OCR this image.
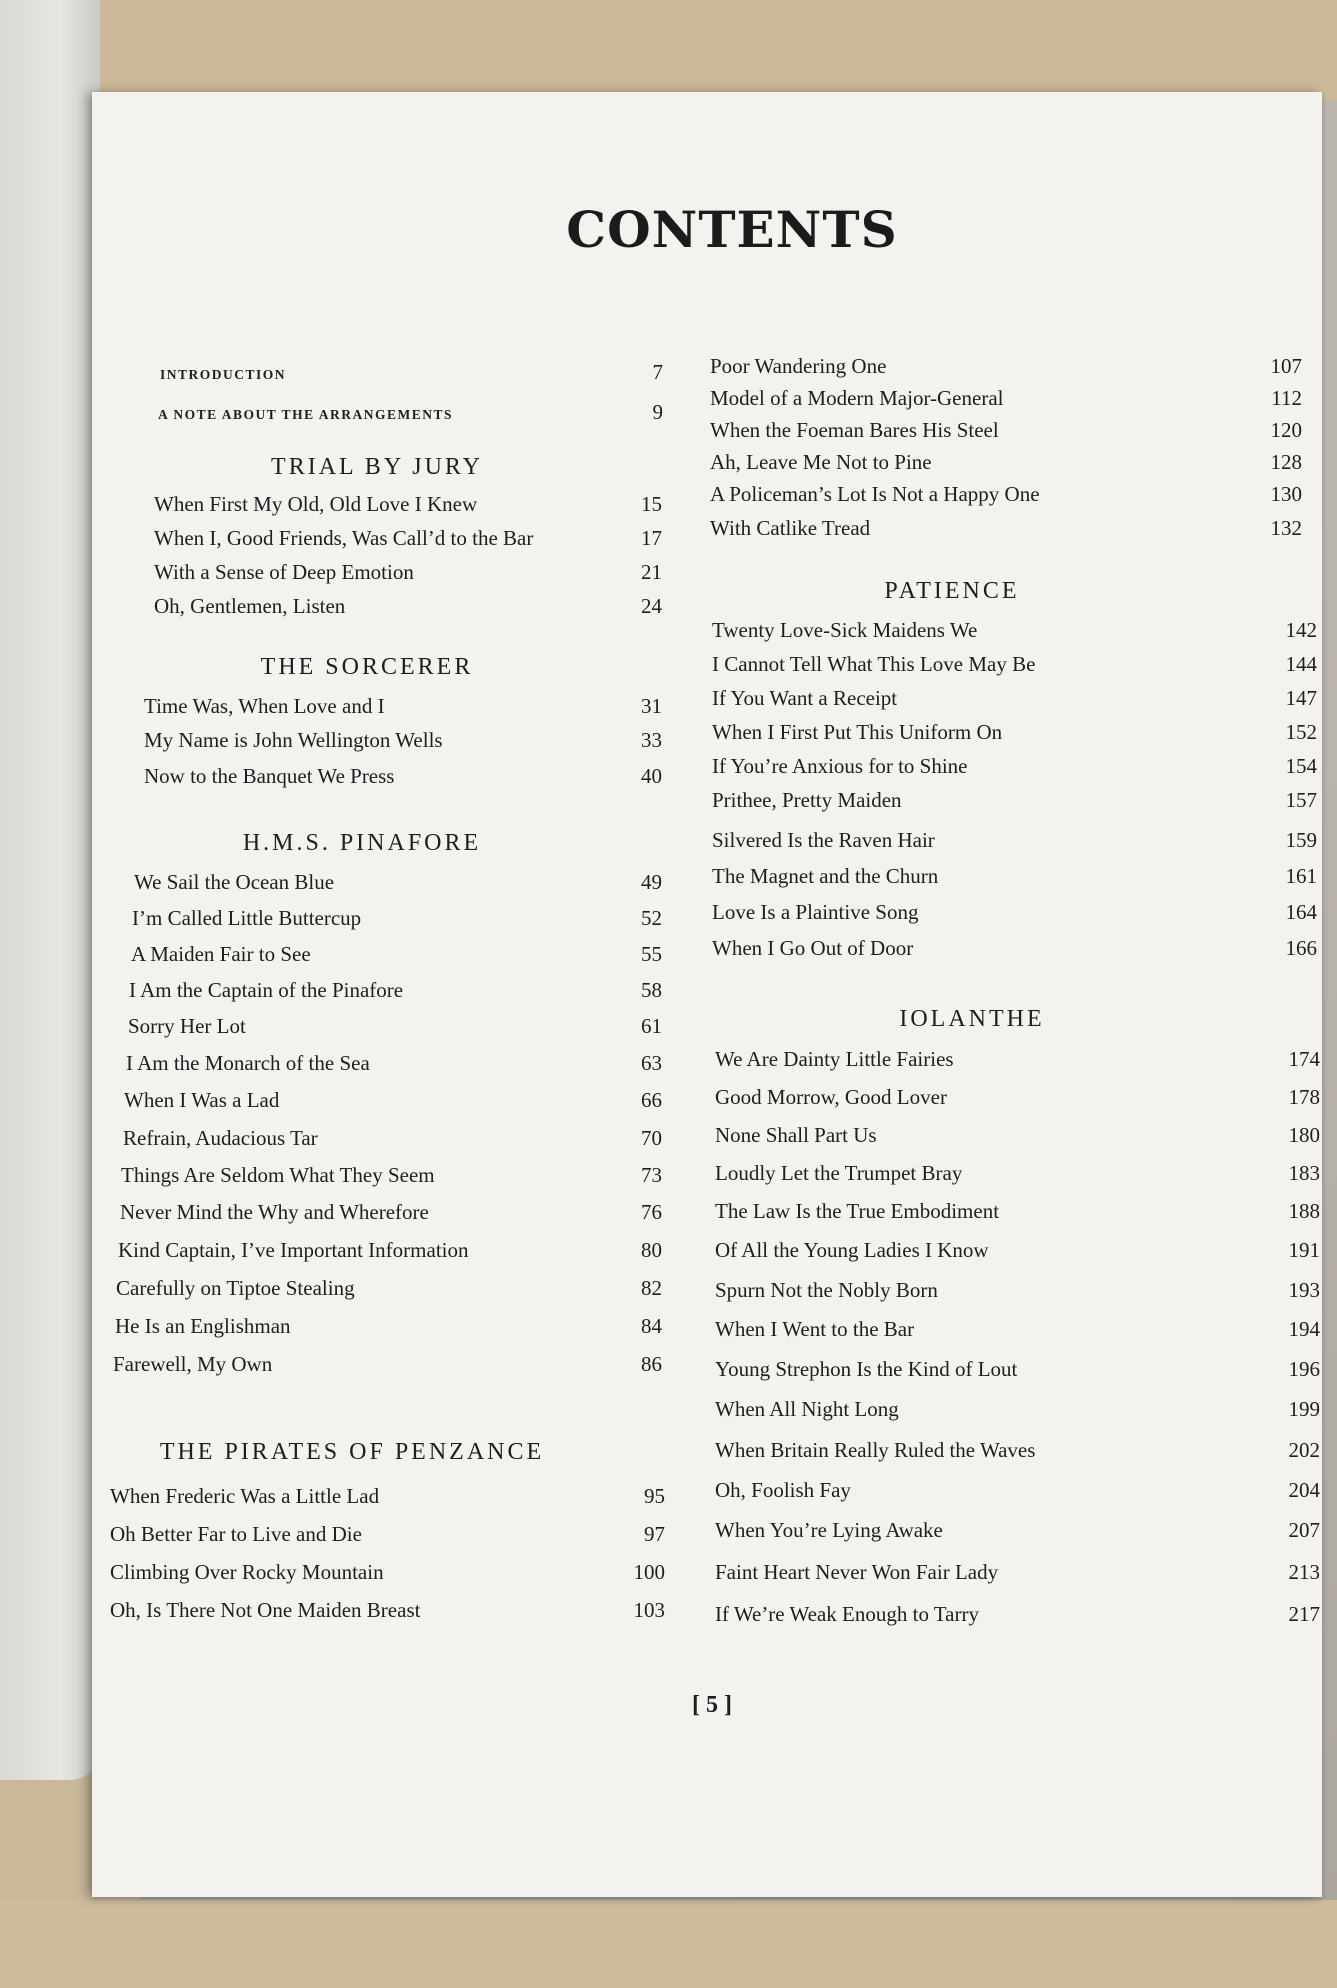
CONTENTS
INTRODUCTION	7
A NOTE ABOUT THE ARRANGEMENTS	9
TRIAL BY JURY
When First My Old, Old Love I Knew	15
When I, Good Friends, Was Call’d to the Bar	17
With a Sense of Deep Emotion	21
Oh, Gentlemen, Listen	24
THE SORCERER
Time Was, When Love and I	31
My Name is John Wellington Wells	33
Now to the Banquet We Press	40
H.M.S. PINAFORE
We Sail the Ocean Blue	49
I’m Called Little Buttercup	52
A Maiden Fair to See	55
I Am the Captain of the Pinafore	58
Sorry Her Lot	61
I Am the Monarch of the Sea	63
When I Was a Lad	66
Refrain, Audacious Tar	70
Things Are Seldom What They Seem	73
Never Mind the Why and Wherefore	76
Kind Captain, I’ve Important Information	80
Carefully on Tiptoe Stealing	82
He Is an Englishman	84
Farewell, My Own	86
THE PIRATES OF PENZANCE
When Frederic Was a Little Lad	95
Oh Better Far to Live and Die	97
Climbing Over Rocky Mountain	100
Oh, Is There Not One Maiden Breast	103
Poor Wandering One	107
Model of a Modern Major-General	112
When the Foeman Bares His Steel	120
Ah, Leave Me Not to Pine	128
A Policeman’s Lot Is Not a Happy One	130
With Catlike Tread	132
PATIENCE
Twenty Love-Sick Maidens We	142
I Cannot Tell What This Love May Be	144
If You Want a Receipt	147
When I First Put This Uniform On	152
If You’re Anxious for to Shine	154
Prithee, Pretty Maiden	157
Silvered Is the Raven Hair	159
The Magnet and the Churn	161
Love Is a Plaintive Song	164
When I Go Out of Door	166
IOLANTHE
We Are Dainty Little Fairies	174
Good Morrow, Good Lover	178
None Shall Part Us	180
Loudly Let the Trumpet Bray	183
The Law Is the True Embodiment	188
Of All the Young Ladies I Know	191
Spurn Not the Nobly Born	193
When I Went to the Bar	194
Young Strephon Is the Kind of Lout	196
When All Night Long	199
When Britain Really Ruled the Waves	202
Oh, Foolish Fay	204
When You’re Lying Awake	207
Faint Heart Never Won Fair Lady	213
If We’re Weak Enough to Tarry	217
[ 5 ]
